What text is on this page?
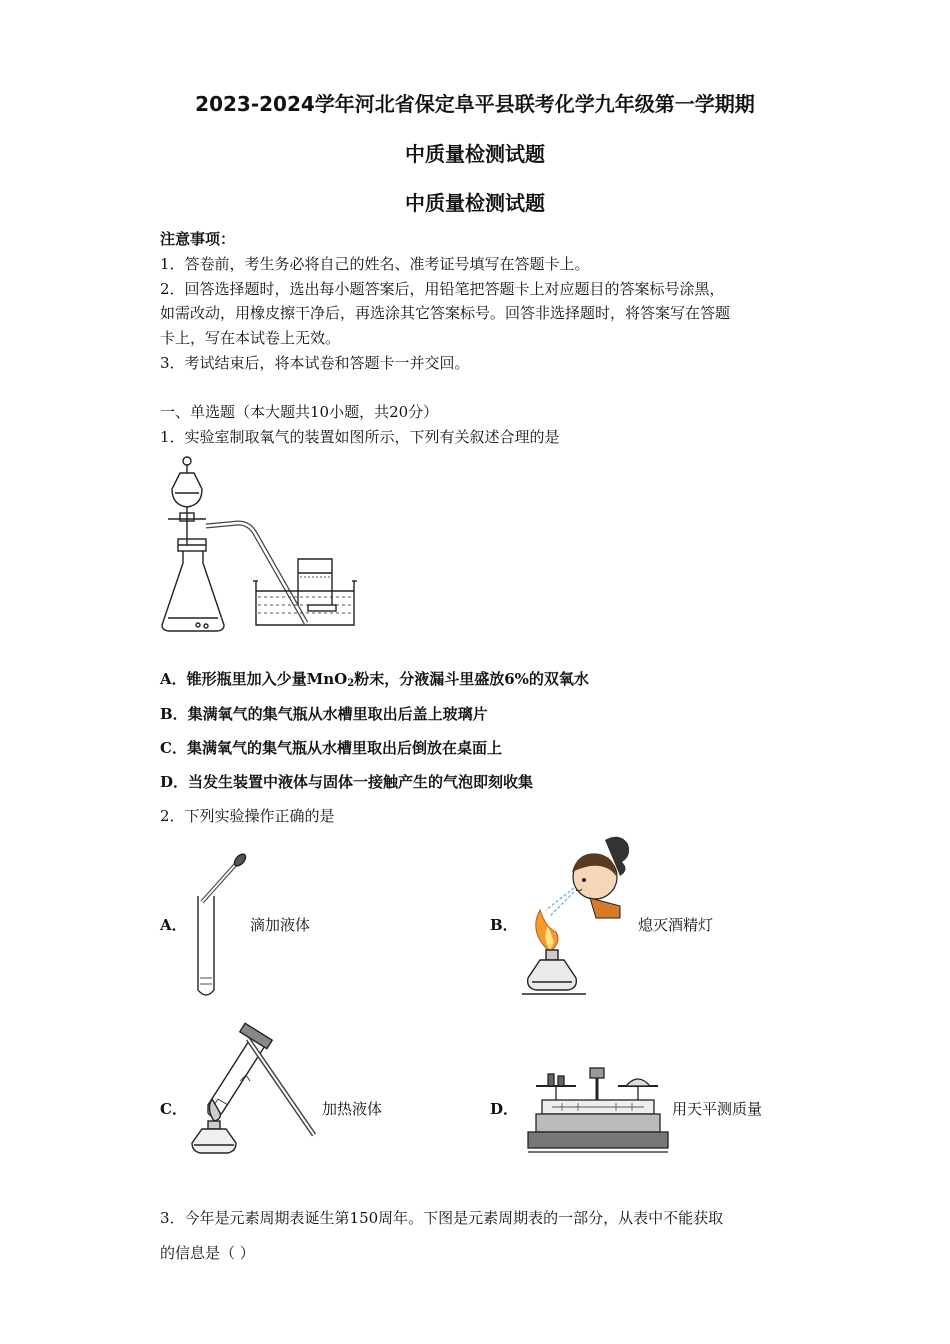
2023-2024学年河北省保定阜平县联考化学九年级第一学期期
中质量检测试题
中质量检测试题
注意事项：
1．答卷前，考生务必将自己的姓名、准考证号填写在答题卡上。
2．回答选择题时，选出每小题答案后，用铅笔把答题卡上对应题目的答案标号涂黑，
如需改动，用橡皮擦干净后，再选涂其它答案标号。回答非选择题时，将答案写在答题
卡上，写在本试卷上无效。
3．考试结束后，将本试卷和答题卡一并交回。
一、单选题（本大题共10小题，共20分）
1．实验室制取氧气的装置如图所示，下列有关叙述合理的是
A．锥形瓶里加入少量MnO$_2$粉末，分液漏斗里盛放6%的双氧水
B．集满氧气的集气瓶从水槽里取出后盖上玻璃片
C．集满氧气的集气瓶从水槽里取出后倒放在桌面上
D．当发生装置中液体与固体一接触产生的气泡即刻收集
2．下列实验操作正确的是
A．	滴加液体	B．	熄灭酒精灯
C．	加热液体	D．	用天平测质量
3．今年是元素周期表诞生第150周年。下图是元素周期表的一部分，从表中不能获取
的信息是（ ）
